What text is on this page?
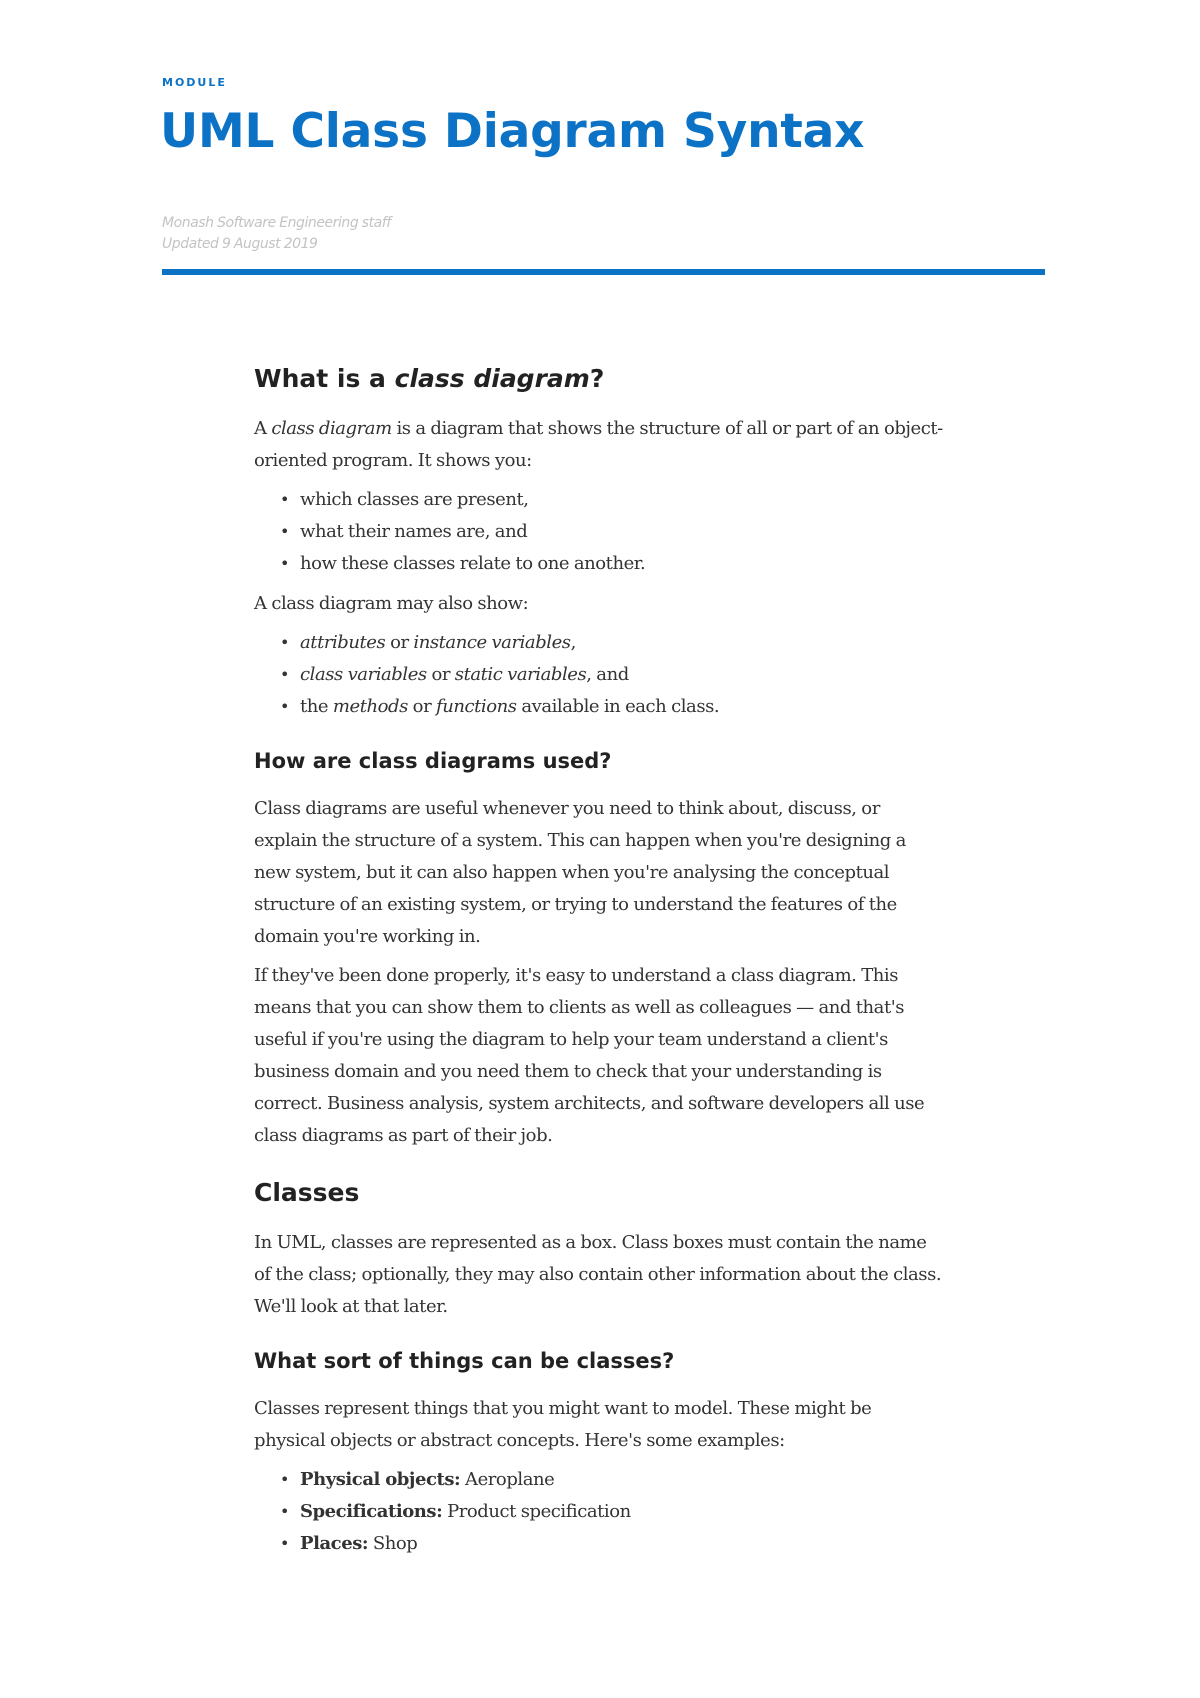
MODULE
UML Class Diagram Syntax

Monash Software Engineering staff

Updated 9 August 2019

What is a class diagram?

A class diagram is a diagram that shows the structure of all or part of an object-oriented program. It shows you:

• which classes are present,
• what their names are, and
• how these classes relate to one another.

A class diagram may also show:

• attributes or instance variables,
• class variables or static variables, and
• the methods or functions available in each class.
How are class diagrams used?

Class diagrams are useful whenever you need to think about, discuss, or explain the structure of a system. This can happen when you're designing a new system, but it can also happen when you're analysing the conceptual structure of an existing system, or trying to understand the features of the domain you're working in.

If they've been done properly, it's easy to understand a class diagram. This means that you can show them to clients as well as colleagues — and that's useful if you're using the diagram to help your team understand a client's business domain and you need them to check that your understanding is correct. Business analysis, system architects, and software developers all use class diagrams as part of their job.

Classes

In UML, classes are represented as a box. Class boxes must contain the name of the class; optionally, they may also contain other information about the class. We'll look at that later.

What sort of things can be classes?

Classes represent things that you might want to model. These might be physical objects or abstract concepts. Here's some examples:

• Physical objects: Aeroplane
• Specifications: Product specification
• Places: Shop
